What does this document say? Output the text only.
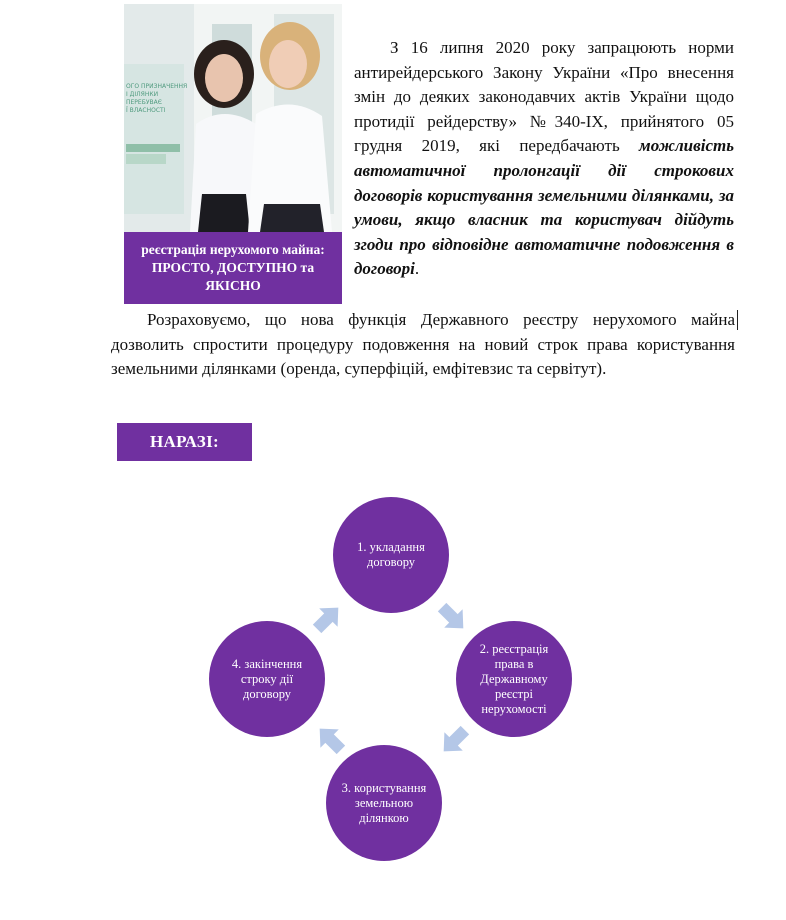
ОГО ПРИЗНАЧЕННЯ
І ДІЛЯНКИ
ПЕРЕБУВАЄ
Ї ВЛАСНОСТІ
реєстрація нерухомого майна: ПРОСТО, ДОСТУПНО та ЯКІСНО

З 16 липня 2020 року запрацюють норми антирейдерського Закону України «Про внесення змін до деяких законодавчих актів України щодо протидії рейдерству» №340-IX, прийнятого 05 грудня 2019, які передбачають можливість автоматичної пролонгації дії строкових договорів користування земельними ділянками, за умови, якщо власник та користувач дійдуть згоди про відповідне автоматичне подовження в договорі.

Розраховуємо, що нова функція Державного реєстру нерухомого майна дозволить спростити процедуру подовження на новий строк права користування земельними ділянками (оренда, суперфіцій, емфітевзис та сервітут).

НАРАЗІ:
1. укладання договору
2. реєстрація права в Державному реєстрі нерухомості
3. користування земельною ділянкою
4. закінчення строку дії договору
